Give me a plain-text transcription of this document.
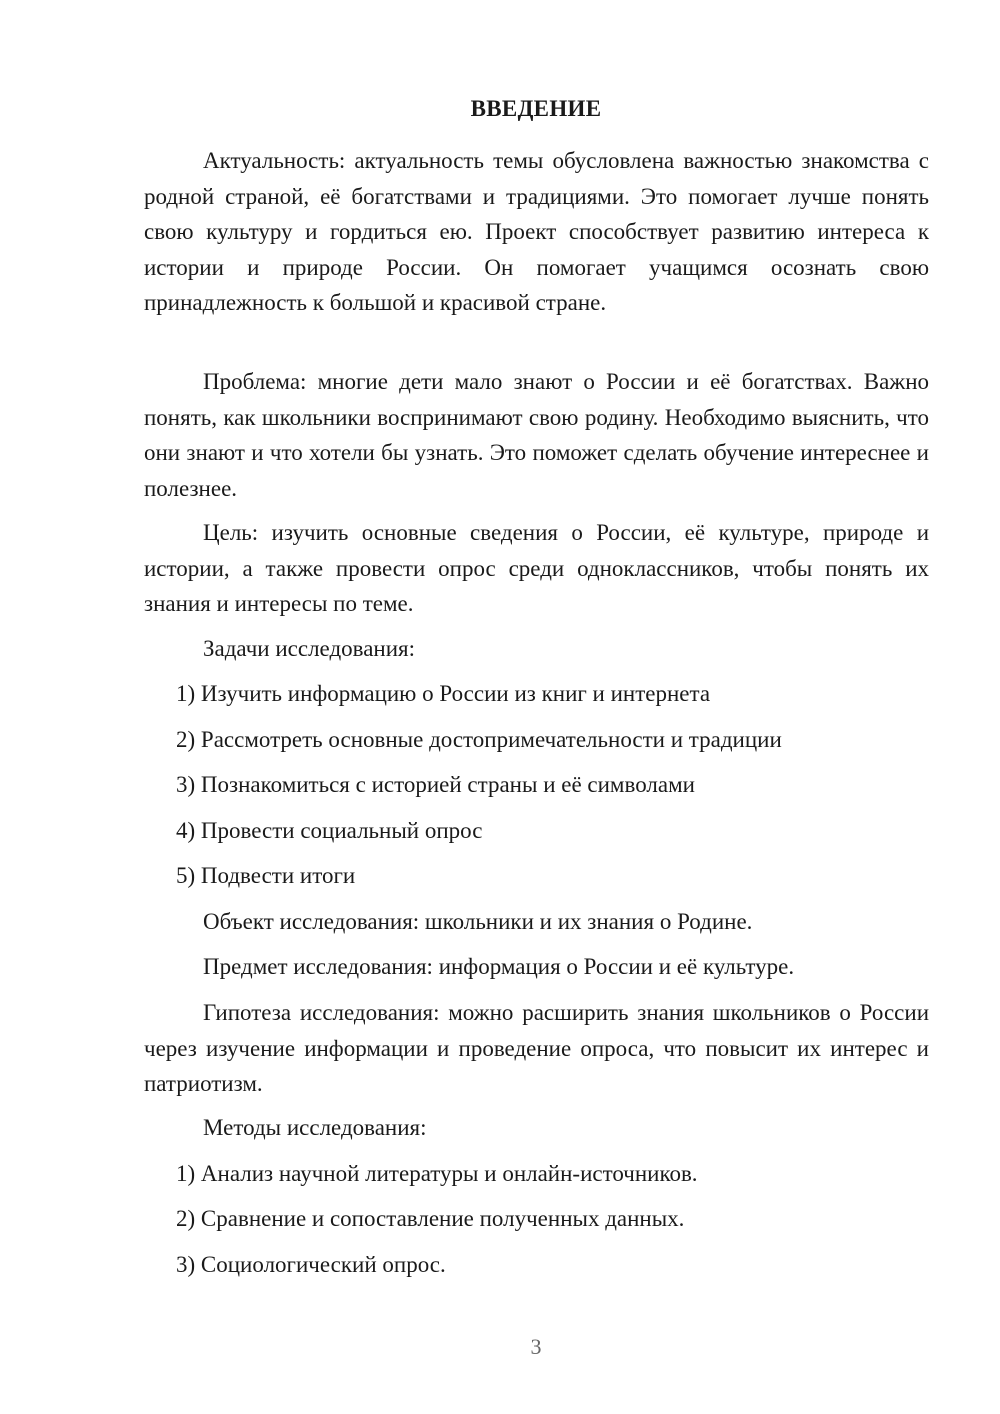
ВВЕДЕНИЕ

Актуальность: актуальность темы обусловлена важностью знакомства с родной страной, её богатствами и традициями. Это помогает лучше понять свою культуру и гордиться ею. Проект способствует развитию интереса к истории и природе России. Он помогает учащимся осознать свою принадлежность к большой и красивой стране.

Проблема: многие дети мало знают о России и её богатствах. Важно понять, как школьники воспринимают свою родину. Необходимо выяснить, что они знают и что хотели бы узнать. Это поможет сделать обучение интереснее и полезнее.

Цель: изучить основные сведения о России, её культуре, природе и истории, а также провести опрос среди одноклассников, чтобы понять их знания и интересы по теме.

Задачи исследования:

1) Изучить информацию о России из книг и интернета

2) Рассмотреть основные достопримечательности и традиции

3) Познакомиться с историей страны и её символами

4) Провести социальный опрос

5) Подвести итоги

Объект исследования: школьники и их знания о Родине.

Предмет исследования: информация о России и её культуре.

Гипотеза исследования: можно расширить знания школьников о России через изучение информации и проведение опроса, что повысит их интерес и патриотизм.

Методы исследования:

1) Анализ научной литературы и онлайн-источников.

2) Сравнение и сопоставление полученных данных.

3) Социологический опрос.

3
